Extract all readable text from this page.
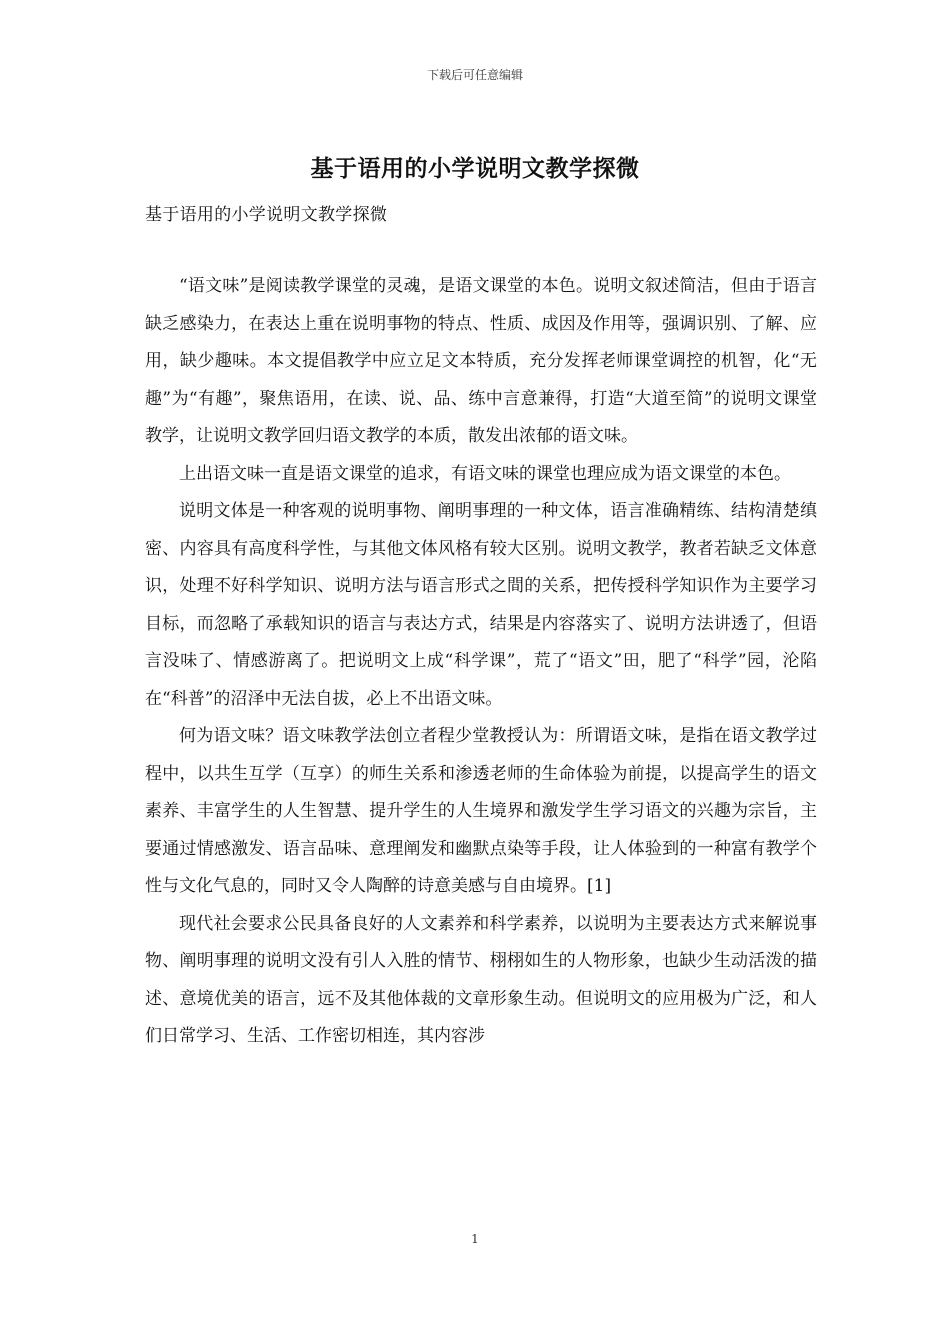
下载后可任意编辑
基于语用的小学说明文教学探微
基于语用的小学说明文教学探微

“语文味”是阅读教学课堂的灵魂，是语文课堂的本色。说明文叙述简洁，但由于语言缺乏感染力，在表达上重在说明事物的特点、性质、成因及作用等，强调识别、了解、应用，缺少趣味。本文提倡教学中应立足文本特质，充分发挥老师课堂调控的机智，化“无趣”为“有趣”，聚焦语用，在读、说、品、练中言意兼得，打造“大道至简”的说明文课堂教学，让说明文教学回归语文教学的本质，散发出浓郁的语文味。

上出语文味一直是语文课堂的追求，有语文味的课堂也理应成为语文课堂的本色。

说明文体是一种客观的说明事物、阐明事理的一种文体，语言准确精练、结构清楚缜密、内容具有高度科学性，与其他文体风格有较大区别。说明文教学，教者若缺乏文体意识，处理不好科学知识、说明方法与语言形式之間的关系，把传授科学知识作为主要学习目标，而忽略了承载知识的语言与表达方式，结果是内容落实了、说明方法讲透了，但语言没味了、情感游离了。把说明文上成“科学课”，荒了“语文”田，肥了“科学”园，沦陷在“科普”的沼泽中无法自拔，必上不出语文味。

何为语文味？语文味教学法创立者程少堂教授认为：所谓语文味，是指在语文教学过程中，以共生互学（互享）的师生关系和渗透老师的生命体验为前提，以提高学生的语文素养、丰富学生的人生智慧、提升学生的人生境界和激发学生学习语文的兴趣为宗旨，主要通过情感激发、语言品味、意理阐发和幽默点染等手段，让人体验到的一种富有教学个性与文化气息的，同时又令人陶醉的诗意美感与自由境界。[1]

现代社会要求公民具备良好的人文素养和科学素养，以说明为主要表达方式来解说事物、阐明事理的说明文没有引人入胜的情节、栩栩如生的人物形象，也缺少生动活泼的描述、意境优美的语言，远不及其他体裁的文章形象生动。但说明文的应用极为广泛，和人们日常学习、生活、工作密切相连，其内容涉

1
